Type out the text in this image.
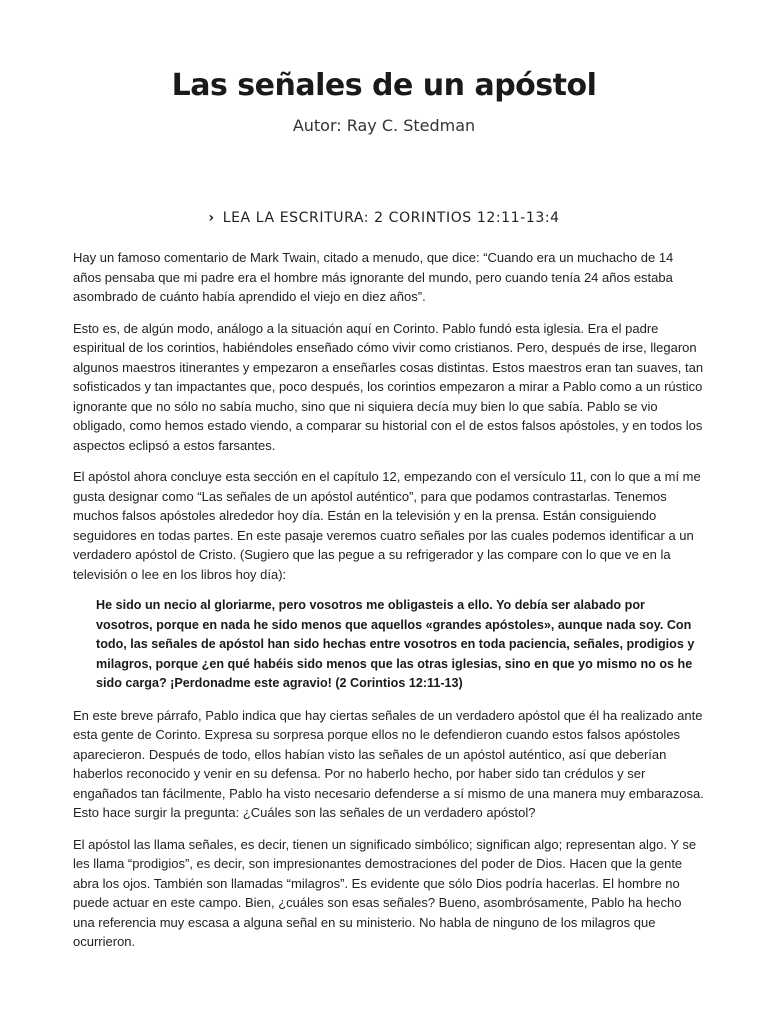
Las señales de un apóstol
Autor: Ray C. Stedman
› LEA LA ESCRITURA: 2 CORINTIOS 12:11-13:4

Hay un famoso comentario de Mark Twain, citado a menudo, que dice: “Cuando era un muchacho de 14 años pensaba que mi padre era el hombre más ignorante del mundo, pero cuando tenía 24 años estaba asombrado de cuánto había aprendido el viejo en diez años”.

Esto es, de algún modo, análogo a la situación aquí en Corinto. Pablo fundó esta iglesia. Era el padre espiritual de los corintios, habiéndoles enseñado cómo vivir como cristianos. Pero, después de irse, llegaron algunos maestros itinerantes y empezaron a enseñarles cosas distintas. Estos maestros eran tan suaves, tan sofisticados y tan impactantes que, poco después, los corintios empezaron a mirar a Pablo como a un rústico ignorante que no sólo no sabía mucho, sino que ni siquiera decía muy bien lo que sabía. Pablo se vio obligado, como hemos estado viendo, a comparar su historial con el de estos falsos apóstoles, y en todos los aspectos eclipsó a estos farsantes.

El apóstol ahora concluye esta sección en el capítulo 12, empezando con el versículo 11, con lo que a mí me gusta designar como “Las señales de un apóstol auténtico”, para que podamos contrastarlas. Tenemos muchos falsos apóstoles alrededor hoy día. Están en la televisión y en la prensa. Están consiguiendo seguidores en todas partes. En este pasaje veremos cuatro señales por las cuales podemos identificar a un verdadero apóstol de Cristo. (Sugiero que las pegue a su refrigerador y las compare con lo que ve en la televisión o lee en los libros hoy día):

He sido un necio al gloriarme, pero vosotros me obligasteis a ello. Yo debía ser alabado por vosotros, porque en nada he sido menos que aquellos «grandes apóstoles», aunque nada soy. Con todo, las señales de apóstol han sido hechas entre vosotros en toda paciencia, señales, prodigios y milagros, porque ¿en qué habéis sido menos que las otras iglesias, sino en que yo mismo no os he sido carga? ¡Perdonadme este agravio! (2 Corintios 12:11-13)

En este breve párrafo, Pablo indica que hay ciertas señales de un verdadero apóstol que él ha realizado ante esta gente de Corinto. Expresa su sorpresa porque ellos no le defendieron cuando estos falsos apóstoles aparecieron. Después de todo, ellos habían visto las señales de un apóstol auténtico, así que deberían haberlos reconocido y venir en su defensa. Por no haberlo hecho, por haber sido tan crédulos y ser engañados tan fácilmente, Pablo ha visto necesario defenderse a sí mismo de una manera muy embarazosa. Esto hace surgir la pregunta: ¿Cuáles son las señales de un verdadero apóstol?

El apóstol las llama señales, es decir, tienen un significado simbólico; significan algo; representan algo. Y se les llama “prodigios”, es decir, son impresionantes demostraciones del poder de Dios. Hacen que la gente abra los ojos. También son llamadas “milagros”. Es evidente que sólo Dios podría hacerlas. El hombre no puede actuar en este campo. Bien, ¿cuáles son esas señales? Bueno, asombrósamente, Pablo ha hecho una referencia muy escasa a alguna señal en su ministerio. No habla de ninguno de los milagros que ocurrieron.
